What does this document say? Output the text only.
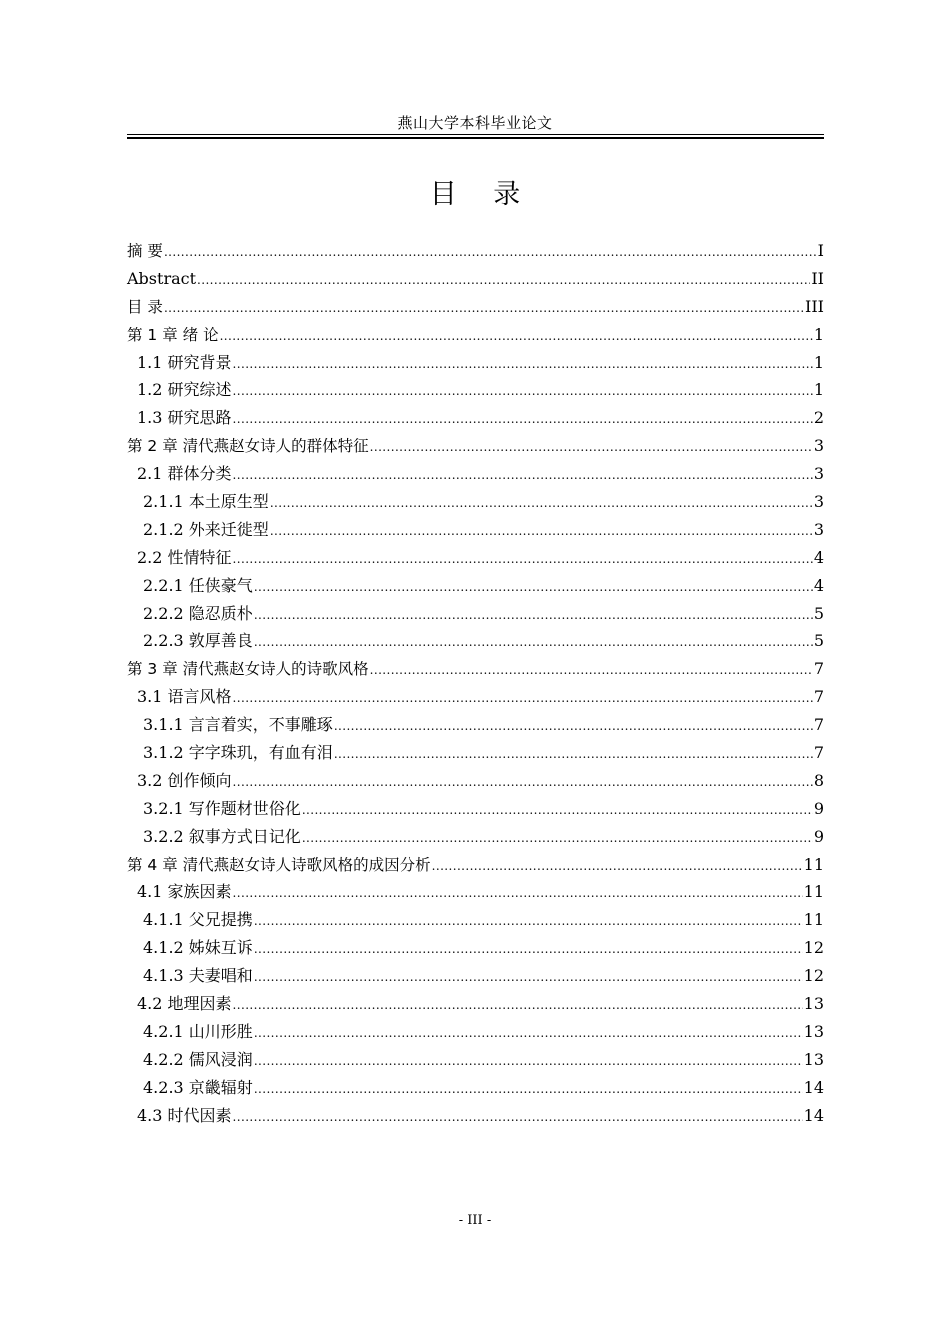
燕山大学本科毕业论文
目 录
摘 要 .....	I
Abstract .....	II
目 录 .....	III
第 1 章 绪 论 .....	1
1.1 研究背景 .....	1
1.2 研究综述 .....	1
1.3 研究思路 .....	2
第 2 章 清代燕赵女诗人的群体特征 .....	3
2.1 群体分类 .....	3
2.1.1 本土原生型 .....	3
2.1.2 外来迁徙型 .....	3
2.2 性情特征 .....	4
2.2.1 任侠豪气 .....	4
2.2.2 隐忍质朴 .....	5
2.2.3 敦厚善良 .....	5
第 3 章 清代燕赵女诗人的诗歌风格 .....	7
3.1 语言风格 .....	7
3.1.1 言言着实，不事雕琢 .....	7
3.1.2 字字珠玑，有血有泪 .....	7
3.2 创作倾向 .....	8
3.2.1 写作题材世俗化 .....	9
3.2.2 叙事方式日记化 .....	9
第 4 章 清代燕赵女诗人诗歌风格的成因分析 .....	11
4.1 家族因素 .....	11
4.1.1 父兄提携 .....	11
4.1.2 姊妹互诉 .....	12
4.1.3 夫妻唱和 .....	12
4.2 地理因素 .....	13
4.2.1 山川形胜 .....	13
4.2.2 儒风浸润 .....	13
4.2.3 京畿辐射 .....	14
4.3 时代因素 .....	14
- III -
